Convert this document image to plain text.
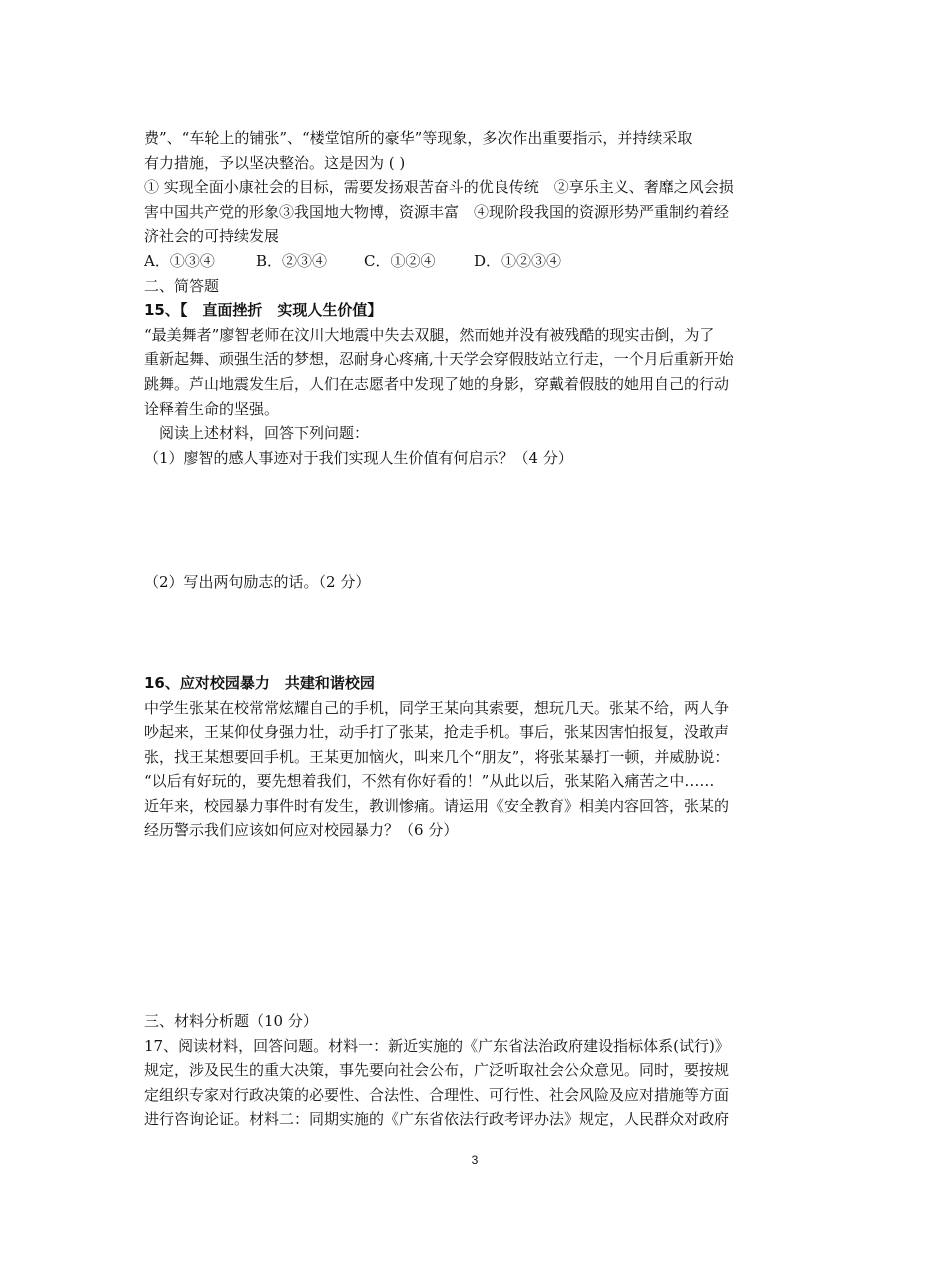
费”、“车轮上的铺张”、“楼堂馆所的豪华”等现象，多次作出重要指示，并持续采取
有力措施，予以坚决整治。这是因为 ( )
① 实现全面小康社会的目标，需要发扬艰苦奋斗的优良传统　②享乐主义、奢靡之风会损
害中国共产党的形象③我国地大物博，资源丰富　④现阶段我国的资源形势严重制约着经
济社会的可持续发展
A．①③④	B．②③④ C．①②④	D．①②③④
二、简答题
15、【　直面挫折　实现人生价值】
“最美舞者”廖智老师在汶川大地震中失去双腿，然而她并没有被残酷的现实击倒，为了
重新起舞、顽强生活的梦想，忍耐身心疼痛,十天学会穿假肢站立行走，一个月后重新开始
跳舞。芦山地震发生后，人们在志愿者中发现了她的身影，穿戴着假肢的她用自己的行动
诠释着生命的坚强。
　阅读上述材料，回答下列问题：
（1）廖智的感人事迹对于我们实现人生价值有何启示？（4 分）
（2）写出两句励志的话。（2 分）
16、应对校园暴力　共建和谐校园
中学生张某在校常常炫耀自己的手机，同学王某向其索要，想玩几天。张某不给，两人争
吵起来，王某仰仗身强力壮，动手打了张某，抢走手机。事后，张某因害怕报复，没敢声
张，找王某想要回手机。王某更加恼火，叫来几个“朋友”，将张某暴打一顿，并威胁说：
“以后有好玩的，要先想着我们，不然有你好看的！”从此以后，张某陷入痛苦之中……
近年来，校园暴力事件时有发生，教训惨痛。请运用《安全教育》相美内容回答，张某的
经历警示我们应该如何应对校园暴力？（6 分）
三、材料分析题（10 分）
17、阅读材料，回答问题。材料一：新近实施的《广东省法治政府建设指标体系(试行)》
规定，涉及民生的重大决策，事先要向社会公布，广泛听取社会公众意见。同时，要按规
定组织专家对行政决策的必要性、合法性、合理性、可行性、社会风险及应对措施等方面
进行咨询论证。材料二：同期实施的《广东省依法行政考评办法》规定，人民群众对政府
3
